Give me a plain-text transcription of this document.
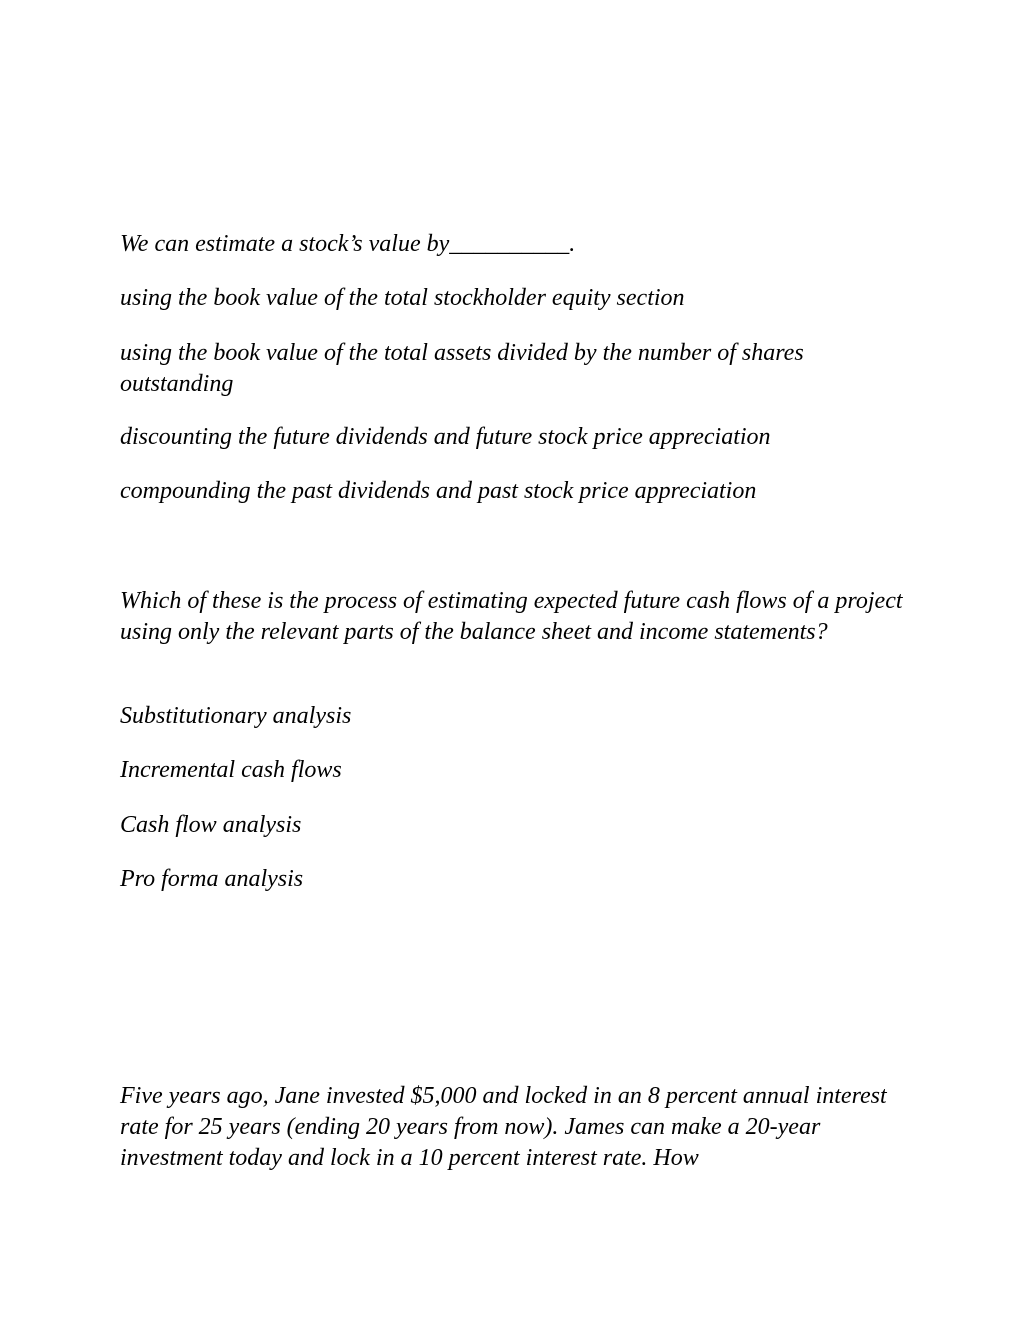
We can estimate a stock’s value by__________.

using the book value of the total stockholder equity section

using the book value of the total assets divided by the number of shares outstanding

discounting the future dividends and future stock price appreciation

compounding the past dividends and past stock price appreciation

Which of these is the process of estimating expected future cash flows of a project using only the relevant parts of the balance sheet and income statements?

Substitutionary analysis

Incremental cash flows

Cash flow analysis

Pro forma analysis

Five years ago, Jane invested $5,000 and locked in an 8 percent annual interest rate for 25 years (ending 20 years from now). James can make a 20-year investment today and lock in a 10 percent interest rate. How
